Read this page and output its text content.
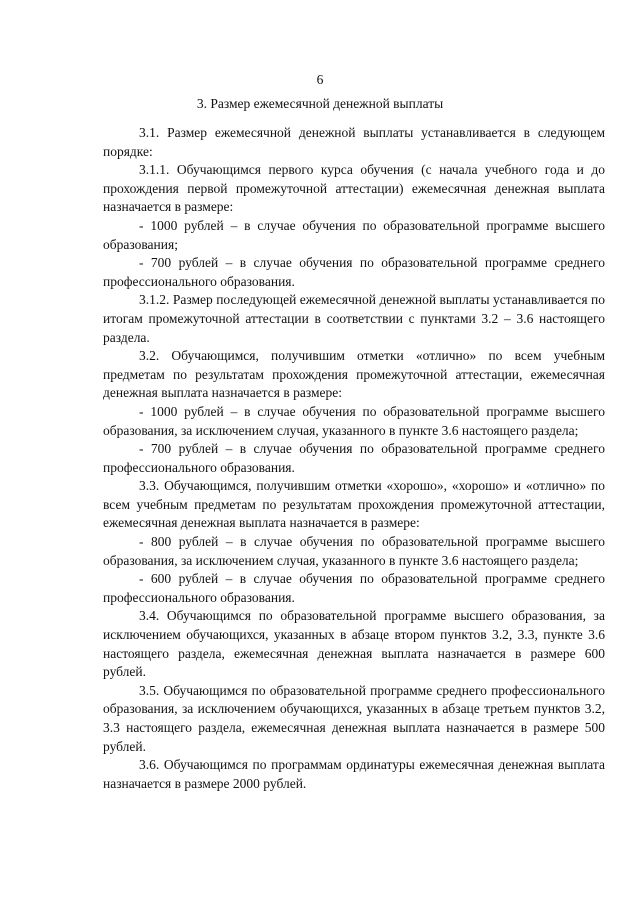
6
3. Размер ежемесячной денежной выплаты

3.1. Размер ежемесячной денежной выплаты устанавливается в следующем порядке:

3.1.1. Обучающимся первого курса обучения (с начала учебного года и до прохождения первой промежуточной аттестации) ежемесячная денежная выплата назначается в размере:

- 1000 рублей – в случае обучения по образовательной программе высшего образования;

- 700 рублей – в случае обучения по образовательной программе среднего профессионального образования.

3.1.2. Размер последующей ежемесячной денежной выплаты устанавливается по итогам промежуточной аттестации в соответствии с пунктами 3.2 – 3.6 настоящего раздела.

3.2. Обучающимся, получившим отметки «отлично» по всем учебным предметам по результатам прохождения промежуточной аттестации, ежемесячная денежная выплата назначается в размере:

- 1000 рублей – в случае обучения по образовательной программе высшего образования, за исключением случая, указанного в пункте 3.6 настоящего раздела;

- 700 рублей – в случае обучения по образовательной программе среднего профессионального образования.

3.3. Обучающимся, получившим отметки «хорошо», «хорошо» и «отлично» по всем учебным предметам по результатам прохождения промежуточной аттестации, ежемесячная денежная выплата назначается в размере:

- 800 рублей – в случае обучения по образовательной программе высшего образования, за исключением случая, указанного в пункте 3.6 настоящего раздела;

- 600 рублей – в случае обучения по образовательной программе среднего профессионального образования.

3.4. Обучающимся по образовательной программе высшего образования, за исключением обучающихся, указанных в абзаце втором пунктов 3.2, 3.3, пункте 3.6 настоящего раздела, ежемесячная денежная выплата назначается в размере 600 рублей.

3.5. Обучающимся по образовательной программе среднего профессионального образования, за исключением обучающихся, указанных в абзаце третьем пунктов 3.2, 3.3 настоящего раздела, ежемесячная денежная выплата назначается в размере 500 рублей.

3.6. Обучающимся по программам ординатуры ежемесячная денежная выплата назначается в размере 2000 рублей.
